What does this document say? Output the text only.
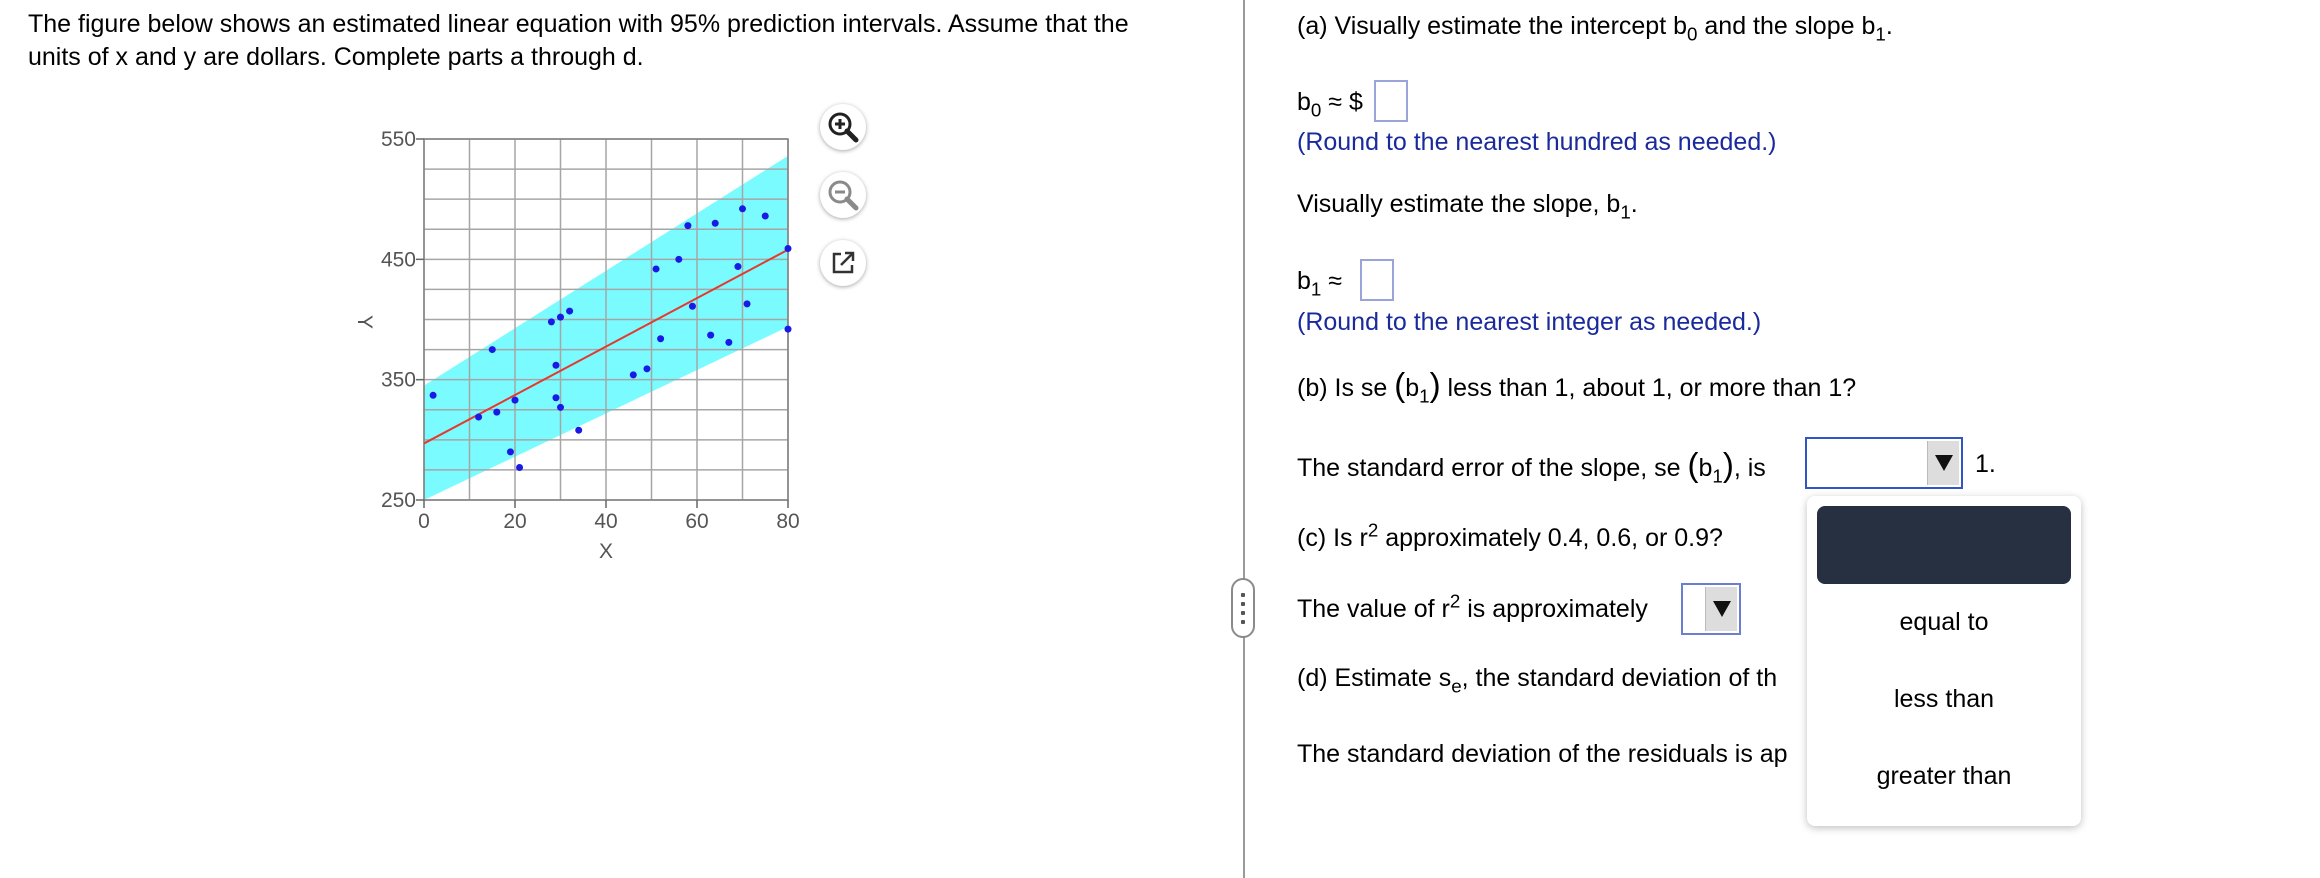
The figure below shows an estimated linear equation with 95% prediction intervals. Assume that the
units of x and y are dollars. Complete parts a through d.
0	20	40	60	80
250
350
450
550
Y
X
(a) Visually estimate the intercept $b_0$ and the slope $b_1$.
$b_0$ ≈ $
(Round to the nearest hundred as needed.)
Visually estimate the slope, $b_1$.
$b_1$ ≈
(Round to the nearest integer as needed.)
(b) Is se $(b_1)$ less than 1, about 1, or more than 1?
The standard error of the slope, se $(b_1)$, is	1.
(c) Is $r^2$ approximately 0.4, 0.6, or 0.9?
The value of $r^2$ is approximately
(d) Estimate $s_e$, the standard deviation of th
The standard deviation of the residuals is ap
equal to
less than
greater than
